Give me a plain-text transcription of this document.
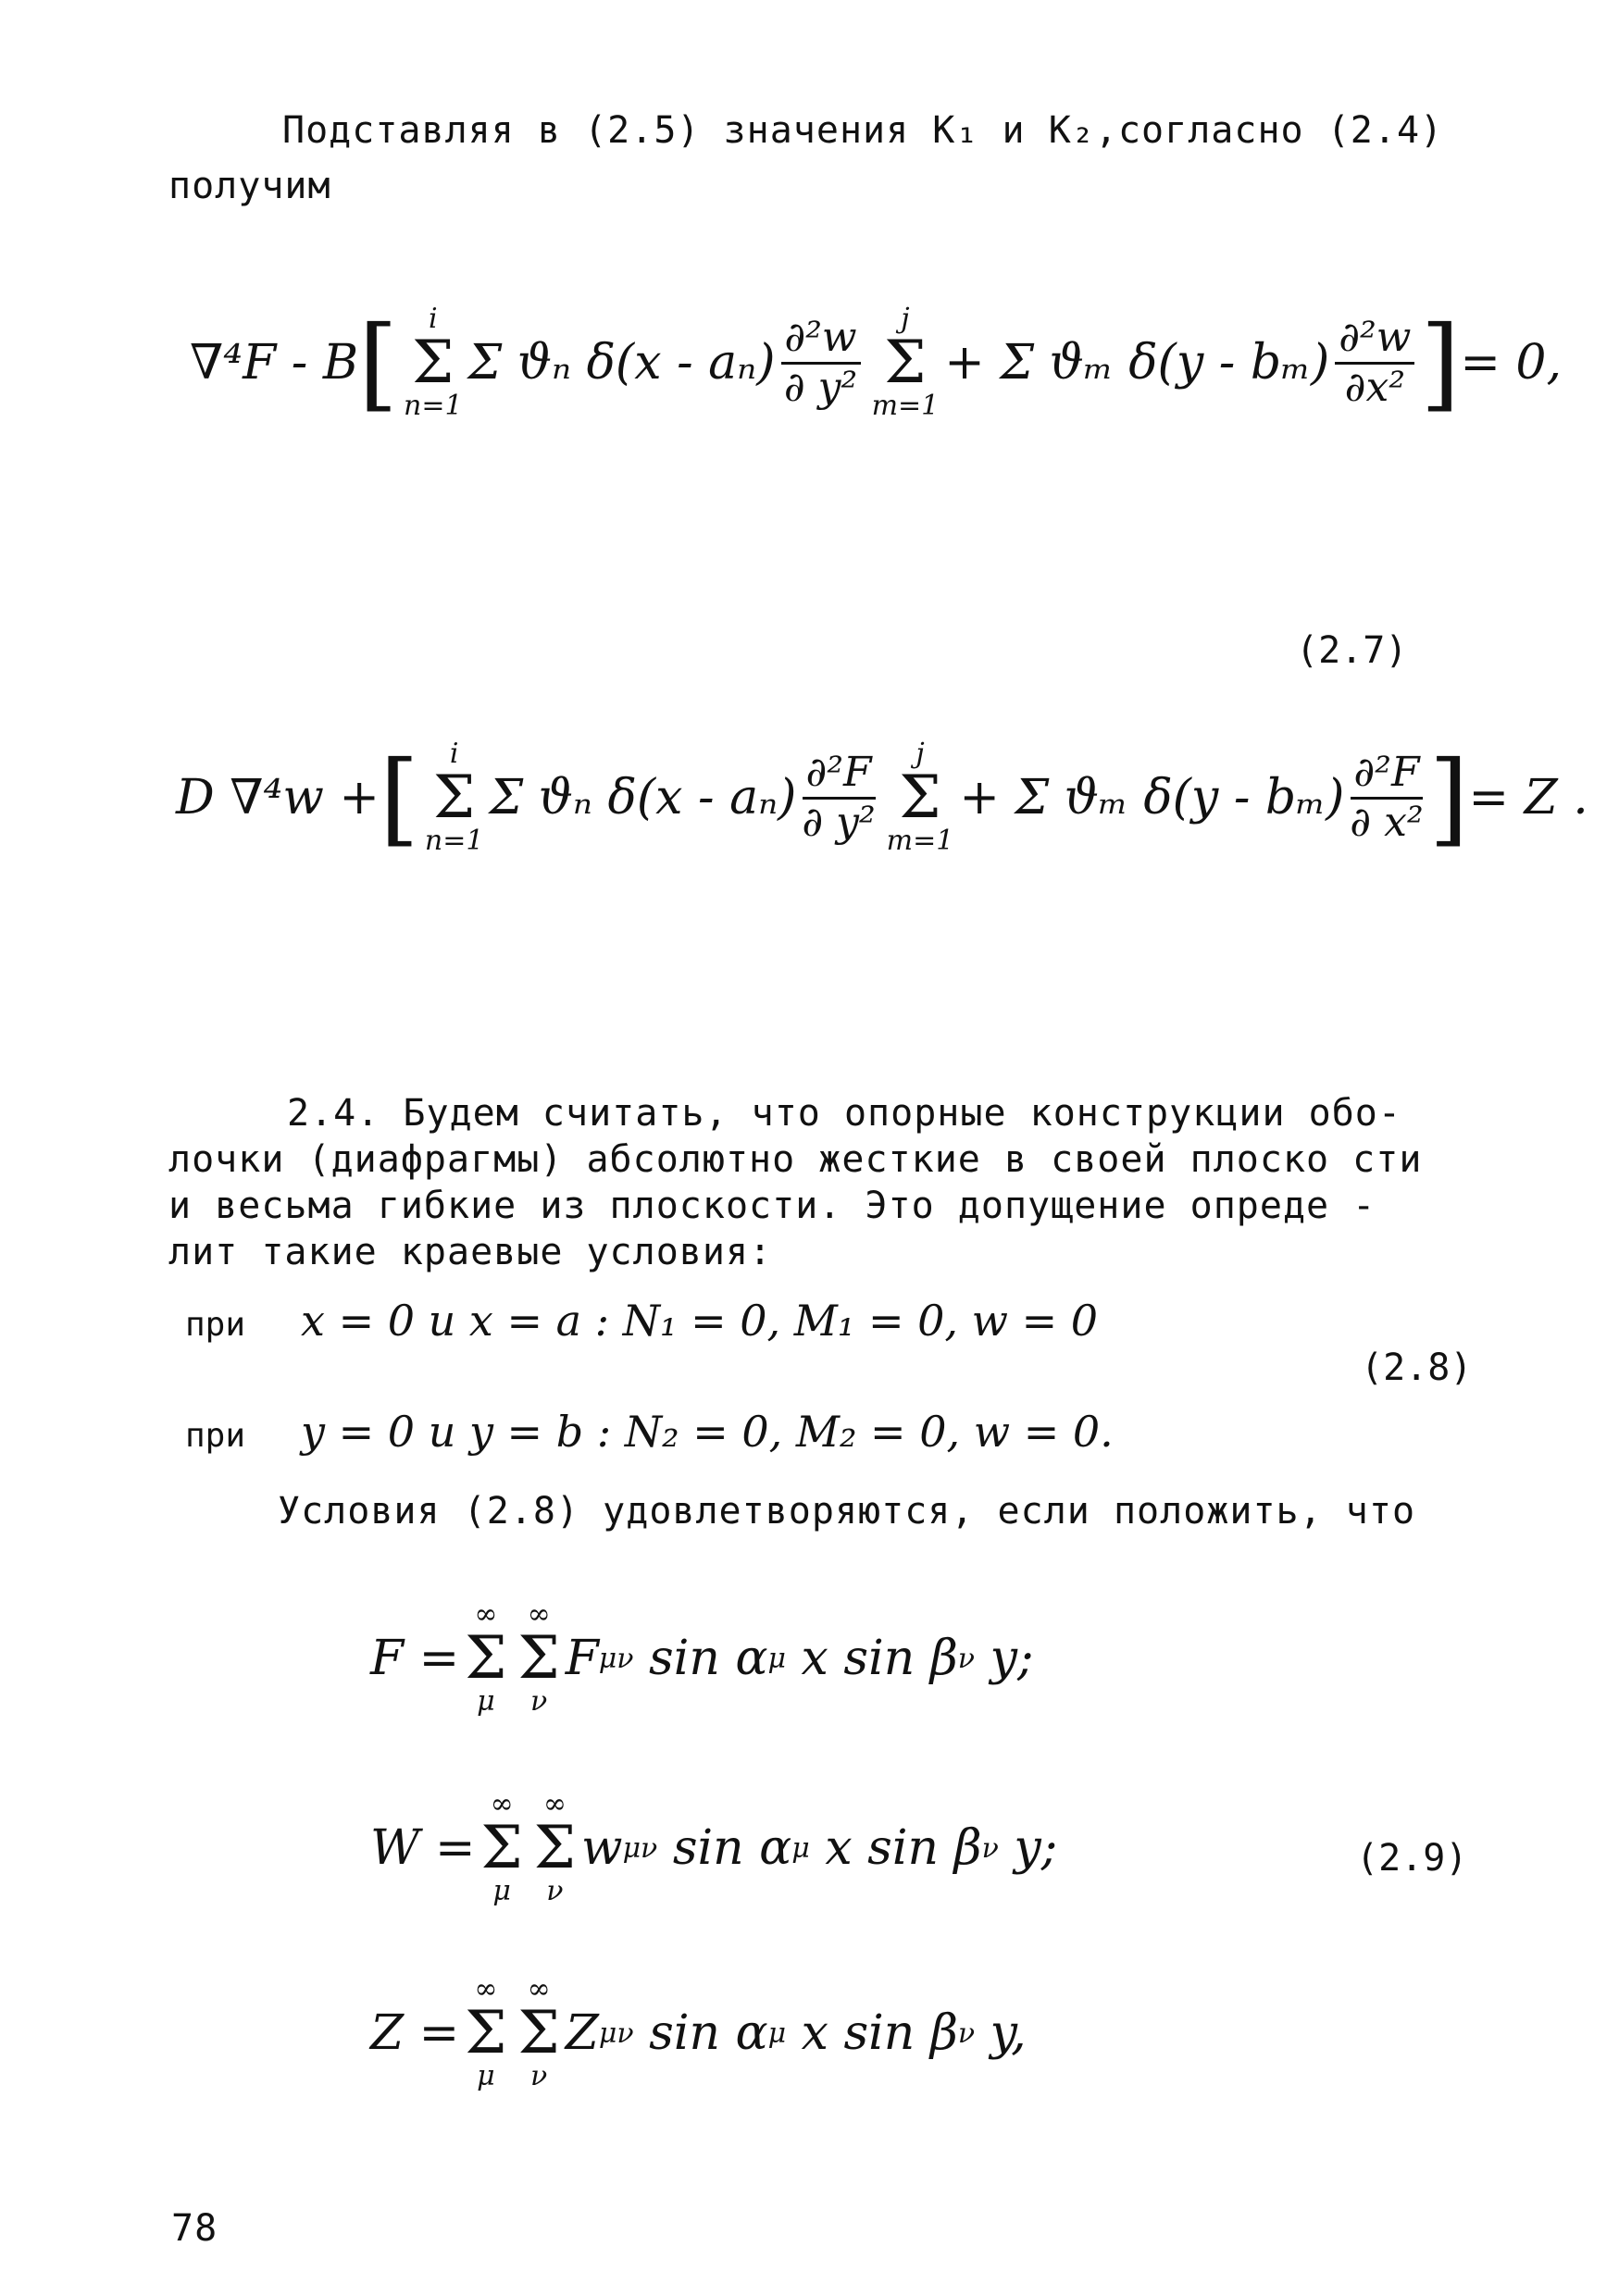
Подставляя в (2.5) значения K₁ и K₂,согласно (2.4)
получим
∇⁴F - B [ i
Σ
n=1
Σ ϑₙ $\delta(x - a_n) \frac{\text{∂²w}}{\text{∂ y²}}$ j
Σ
m=1
+ Σ ϑₘ $\delta(y - b_m) \frac{\text{∂²w}}{\text{∂x²}}$ ] = 0,
(2.7)
D ∇⁴w + [ i
Σ
n=1
Σ ϑₙ $\delta(x - a_n) \frac{\text{∂²F}}{\text{∂ y²}}$ j
Σ
m=1
+ Σ ϑₘ $\delta(y - b_m) \frac{\text{∂²F}}{\text{∂ x²}}$ ] = Z .
2.4. Будем считать, что опорные конструкции обо-
лочки (диафрагмы) абсолютно жесткие в своей плоско сти
и весьма гибкие из плоскости. Это допущение опреде -
лит такие краевые условия:
при x = 0 и x = a : N₁ = 0, M₁ = 0, w = 0
(2.8)
при y = 0 и y = b : N₂ = 0, M₂ = 0, w = 0.
Условия (2.8) удовлетворяются, если положить, что
F =
∞
Σ
μ
∞
Σ
ν
F μν
sin α μ
x sin β ν
y;
W =
∞
Σ
μ
∞
Σ
ν
w μν
sin α μ
x sin β ν
y;	(2.9)
Z =
∞
Σ
μ
∞
Σ
ν
Z μν
sin α μ
x sin β ν
y,
78
